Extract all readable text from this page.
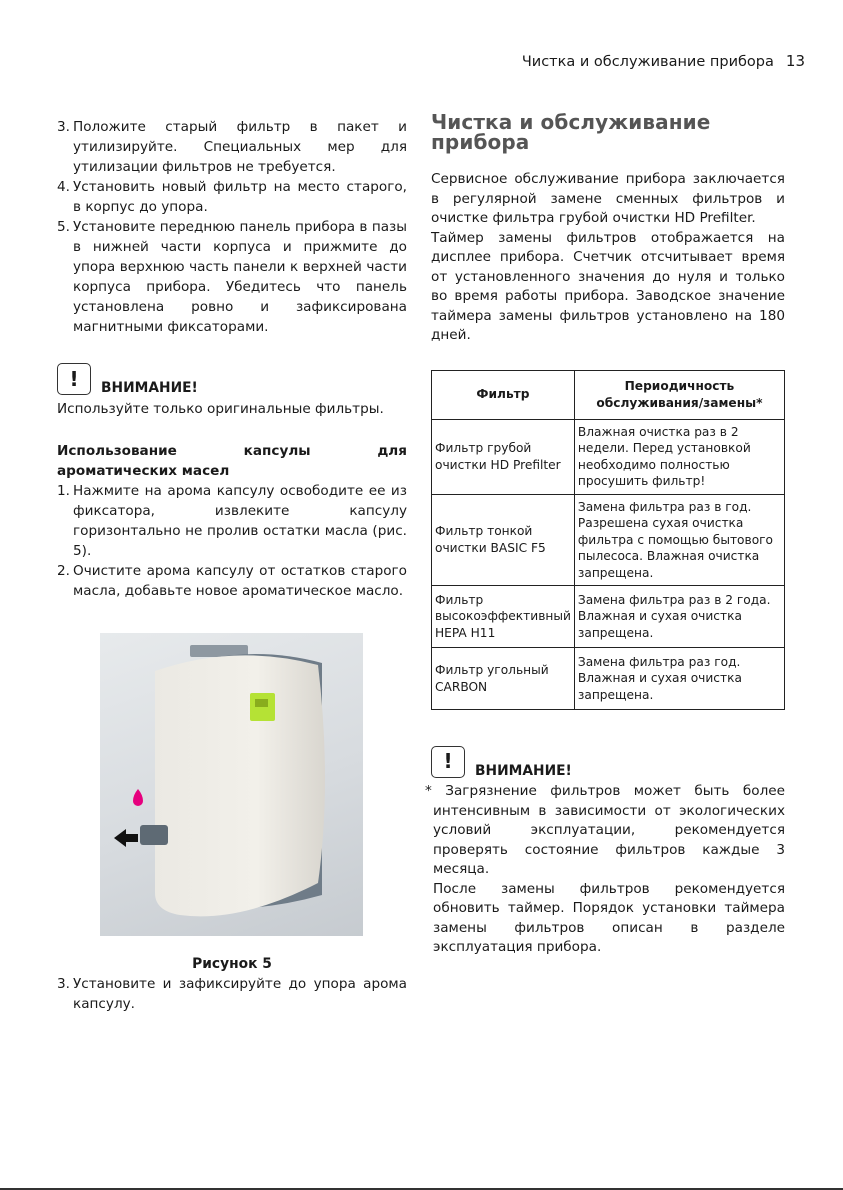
Чистка и обслуживание прибора 13
3. Положите старый фильтр в пакет и утилизируйте. Специальных мер для утилизации фильтров не требуется.
4. Установить новый фильтр на место старого, в корпус до упора.
5. Установите переднюю панель прибора в пазы в нижней части корпуса и прижмите до упора верхнюю часть панели к верхней части корпуса прибора. Убедитесь что панель установлена ровно и зафиксирована магнитными фиксаторами.
!	ВНИМАНИЕ!
Используйте только оригинальные фильтры.
Использование капсулы для ароматических масел
1. Нажмите на арома капсулу освободите ее из фиксатора, извлеките капсулу горизонтально не пролив остатки масла (рис. 5).
2. Очистите арома капсулу от остатков старого масла, добавьте новое ароматическое масло.
Рисунок 5
3. Установите и зафиксируйте до упора арома капсулу.
Чистка и обслуживание прибора
Сервисное обслуживание прибора заключается в регулярной замене сменных фильтров и очистке фильтра грубой очистки HD Prefilter.
Таймер замены фильтров отображается на дисплее прибора. Счетчик отсчитывает время от установленного значения до нуля и только во время работы прибора. Заводское значение таймера замены фильтров установлено на 180 дней.
Фильтр	Периодичность обслуживания/замены*
Фильтр грубой очистки HD Prefilter	Влажная очистка раз в 2 недели. Перед установкой необходимо полностью просушить фильтр!
Фильтр тонкой очистки BASIC F5	Замена фильтра раз в год. Разрешена сухая очистка фильтра с помощью бытового пылесоса. Влажная очистка запрещена.
Фильтр высокоэффективный HEPA H11	Замена фильтра раз в 2 года. Влажная и сухая очистка запрещена.
Фильтр угольный CARBON	Замена фильтра раз год. Влажная и сухая очистка запрещена.
!	ВНИМАНИЕ!
* Загрязнение фильтров может быть более интенсивным в зависимости от экологических условий эксплуатации, рекомендуется проверять состояние фильтров каждые 3 месяца.
После замены фильтров рекомендуется обновить таймер. Порядок установки таймера замены фильтров описан в разделе эксплуатация прибора.
